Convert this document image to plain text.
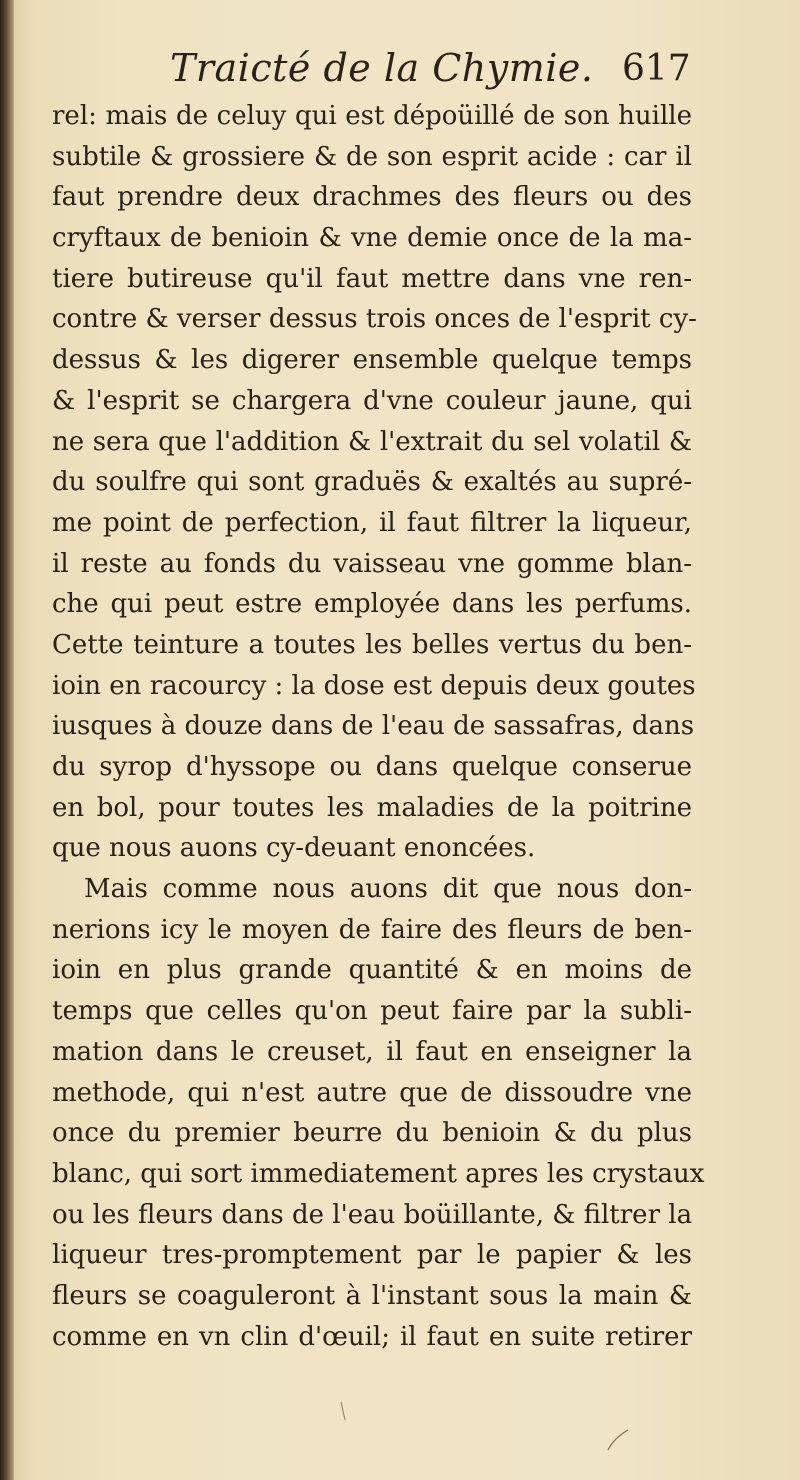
Traicté de la Chymie. 617
rel: mais de celuy qui est dépoüillé de son huille
subtile & grossiere & de son esprit acide : car il
faut prendre deux drachmes des fleurs ou des
cryftaux de benioin & vne demie once de la ma-
tiere butireuse qu'il faut mettre dans vne ren-
contre & verser dessus trois onces de l'esprit cy-
dessus & les digerer ensemble quelque temps
& l'esprit se chargera d'vne couleur jaune, qui
ne sera que l'addition & l'extrait du sel volatil &
du soulfre qui sont graduës & exaltés au supré-
me point de perfection, il faut filtrer la liqueur,
il reste au fonds du vaisseau vne gomme blan-
che qui peut estre employée dans les perfums.
Cette teinture a toutes les belles vertus du ben-
ioin en racourcy : la dose est depuis deux goutes
iusques à douze dans de l'eau de sassafras, dans
du syrop d'hyssope ou dans quelque conserue
en bol, pour toutes les maladies de la poitrine
que nous auons cy-deuant enoncées.
Mais comme nous auons dit que nous don-
nerions icy le moyen de faire des fleurs de ben-
ioin en plus grande quantité & en moins de
temps que celles qu'on peut faire par la subli-
mation dans le creuset, il faut en enseigner la
methode, qui n'est autre que de dissoudre vne
once du premier beurre du benioin & du plus
blanc, qui sort immediatement apres les crystaux
ou les fleurs dans de l'eau boüillante, & filtrer la
liqueur tres-promptement par le papier & les
fleurs se coaguleront à l'instant sous la main &
comme en vn clin d'œuil; il faut en suite retirer
